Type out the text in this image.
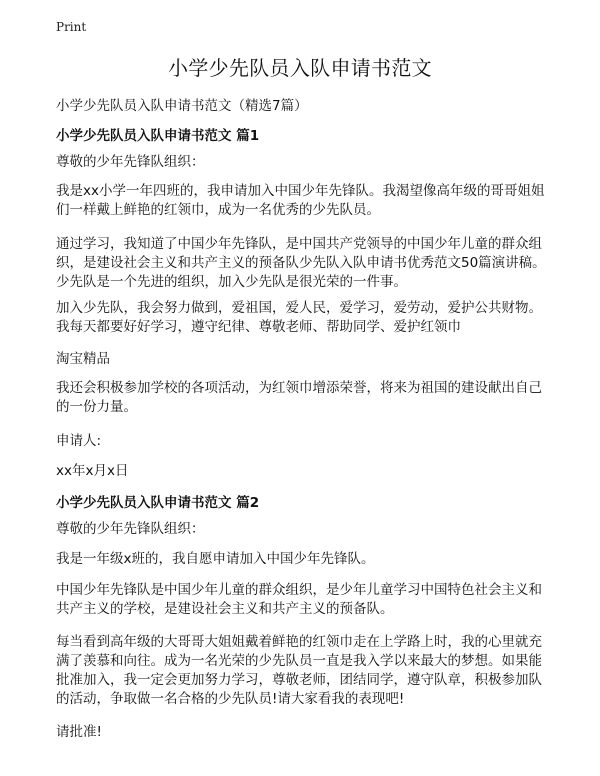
Print
小学少先队员入队申请书范文

小学少先队员入队申请书范文（精选7篇）

小学少先队员入队申请书范文 篇1

尊敬的少年先锋队组织：

我是xx小学一年四班的，我申请加入中国少年先锋队。我渴望像高年级的哥哥姐姐
们一样戴上鲜艳的红领巾，成为一名优秀的少先队员。

通过学习，我知道了中国少年先锋队，是中国共产党领导的中国少年儿童的群众组
织，是建设社会主义和共产主义的预备队少先队入队申请书优秀范文50篇演讲稿。
少先队是一个先进的组织，加入少先队是很光荣的一件事。

加入少先队，我会努力做到，爱祖国，爱人民，爱学习，爱劳动，爱护公共财物。
我每天都要好好学习，遵守纪律、尊敬老师、帮助同学、爱护红领巾

淘宝精品

我还会积极参加学校的各项活动，为红领巾增添荣誉，将来为祖国的建设献出自己
的一份力量。

申请人:

xx年x月x日

小学少先队员入队申请书范文 篇2

尊敬的少年先锋队组织：

我是一年级x班的，我自愿申请加入中国少年先锋队。

中国少年先锋队是中国少年儿童的群众组织，是少年儿童学习中国特色社会主义和
共产主义的学校，是建设社会主义和共产主义的预备队。

每当看到高年级的大哥哥大姐姐戴着鲜艳的红领巾走在上学路上时，我的心里就充
满了羡慕和向往。成为一名光荣的少先队员一直是我入学以来最大的梦想。如果能
批准加入，我一定会更加努力学习，尊敬老师，团结同学，遵守队章，积极参加队
的活动，争取做一名合格的少先队员!请大家看我的表现吧!

请批准!
